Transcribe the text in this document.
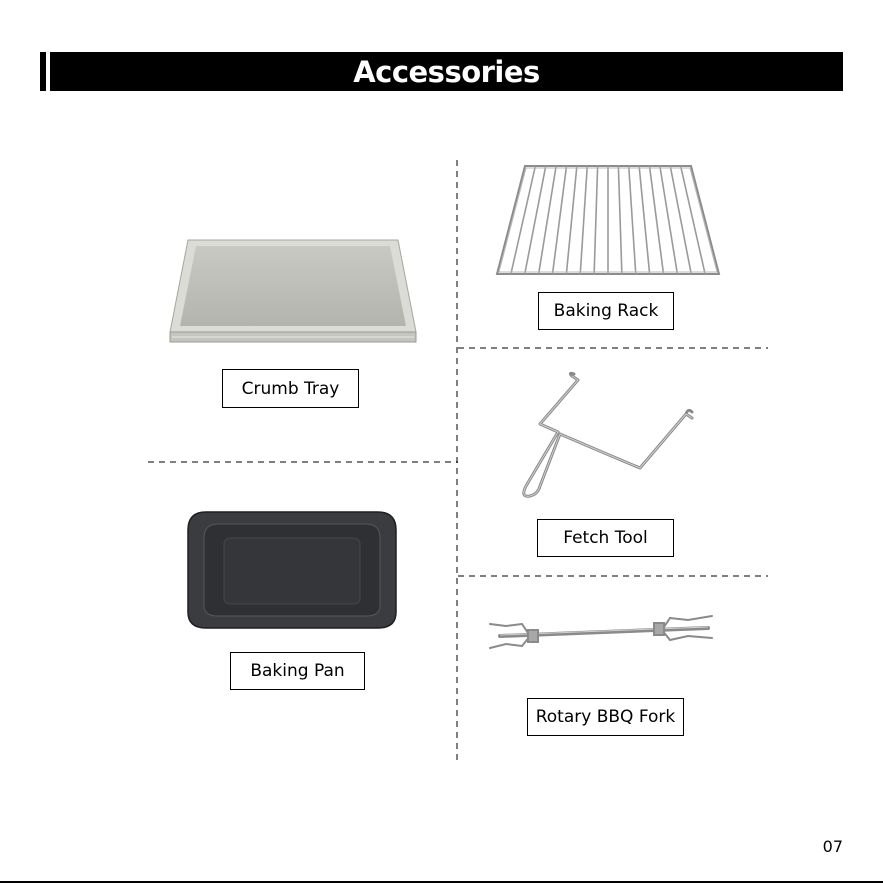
Accessories
Crumb Tray
Baking Pan
Baking Rack
Fetch Tool
Rotary BBQ Fork
07
